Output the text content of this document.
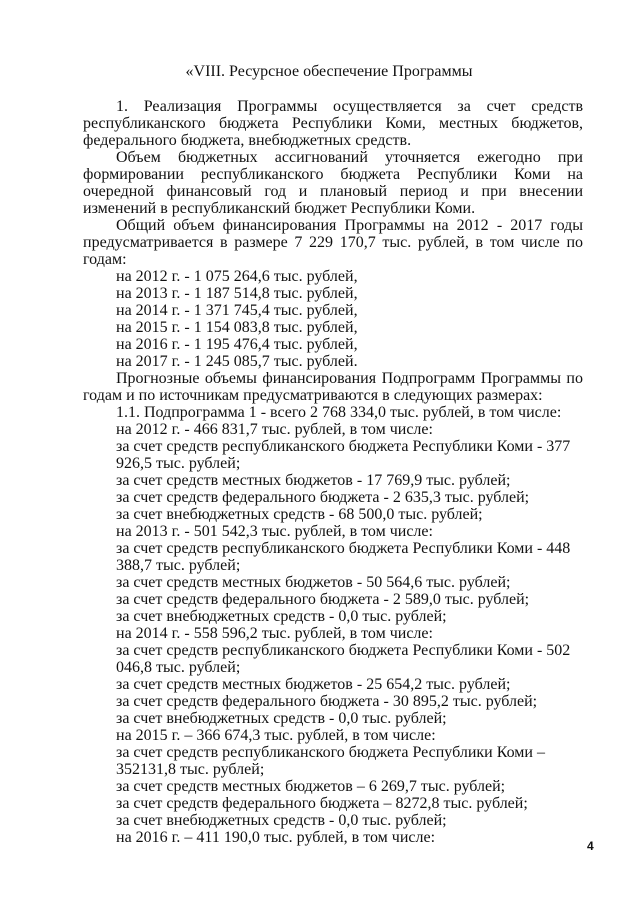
«VIII. Ресурсное обеспечение Программы

1. Реализация Программы осуществляется за счет средств республиканского бюджета Республики Коми, местных бюджетов, федерального бюджета, внебюджетных средств.

Объем бюджетных ассигнований уточняется ежегодно при формировании республиканского бюджета Республики Коми на очередной финансовый год и плановый период и при внесении изменений в республиканский бюджет Республики Коми.

Общий объем финансирования Программы на 2012 - 2017 годы предусматривается в размере 7 229 170,7 тыс. рублей, в том числе по годам:

на 2012 г. - 1 075 264,6 тыс. рублей,

на 2013 г. - 1 187 514,8 тыс. рублей,

на 2014 г. - 1 371 745,4 тыс. рублей,

на 2015 г. - 1 154 083,8 тыс. рублей,

на 2016 г. - 1 195 476,4 тыс. рублей,

на 2017 г. - 1 245 085,7 тыс. рублей.

Прогнозные объемы финансирования Подпрограмм Программы по годам и по источникам предусматриваются в следующих размерах:

1.1. Подпрограмма 1 - всего 2 768 334,0 тыс. рублей, в том числе:

на 2012 г. - 466 831,7 тыс. рублей, в том числе:

за счет средств республиканского бюджета Республики Коми - 377 926,5 тыс. рублей;

за счет средств местных бюджетов - 17 769,9 тыс. рублей;

за счет средств федерального бюджета - 2 635,3 тыс. рублей;

за счет внебюджетных средств - 68 500,0 тыс. рублей;

на 2013 г. - 501 542,3 тыс. рублей, в том числе:

за счет средств республиканского бюджета Республики Коми - 448 388,7 тыс. рублей;

за счет средств местных бюджетов - 50 564,6 тыс. рублей;

за счет средств федерального бюджета - 2 589,0 тыс. рублей;

за счет внебюджетных средств - 0,0 тыс. рублей;

на 2014 г. - 558 596,2 тыс. рублей, в том числе:

за счет средств республиканского бюджета Республики Коми - 502 046,8 тыс. рублей;

за счет средств местных бюджетов - 25 654,2 тыс. рублей;

за счет средств федерального бюджета - 30 895,2 тыс. рублей;

за счет внебюджетных средств - 0,0 тыс. рублей;

на 2015 г. – 366 674,3 тыс. рублей, в том числе:

за счет средств республиканского бюджета Республики Коми – 352131,8 тыс. рублей;

за счет средств местных бюджетов – 6 269,7 тыс. рублей;

за счет средств федерального бюджета – 8272,8 тыс. рублей;

за счет внебюджетных средств - 0,0 тыс. рублей;

на 2016 г. – 411 190,0 тыс. рублей, в том числе:	4
